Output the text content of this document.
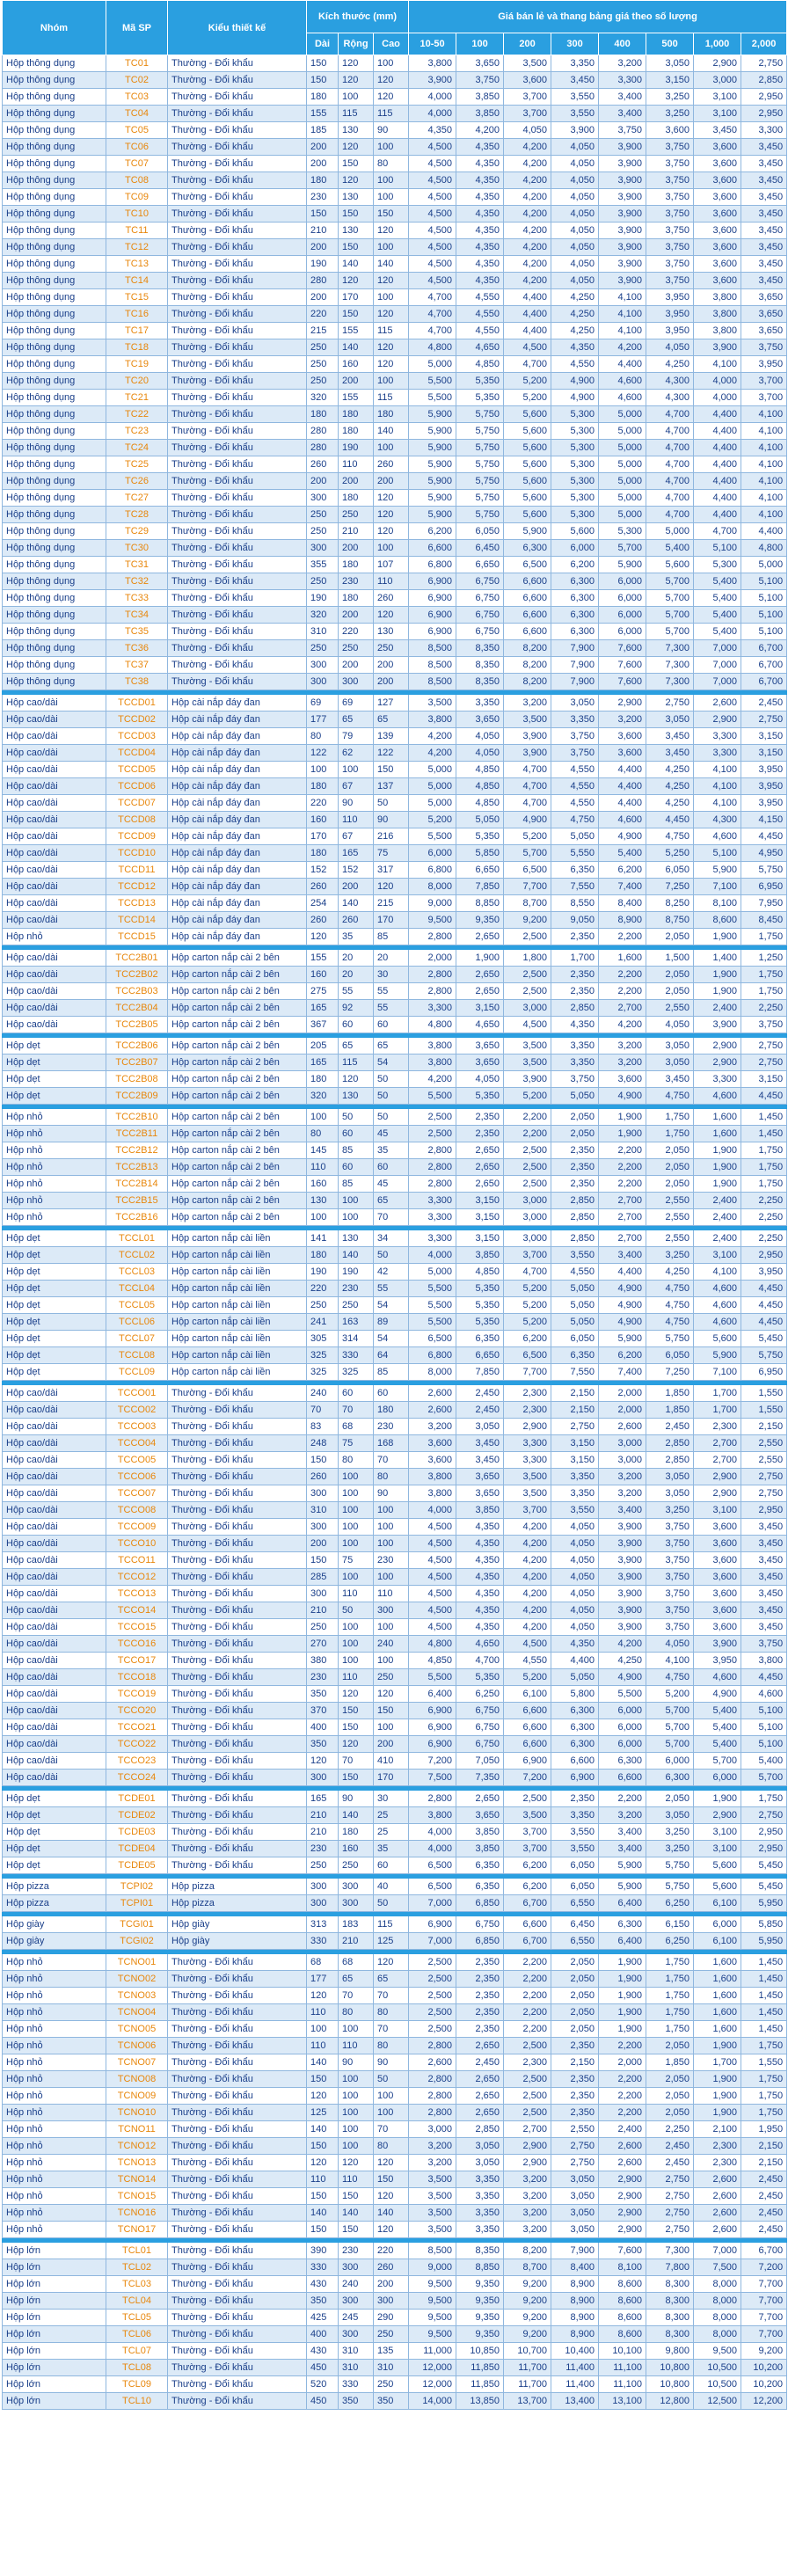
Nhóm	Mã SP	Kiểu thiết kế	Kích thước (mm)			Giá bán lẻ và thang bảng giá theo số lượng							
			Dài	Rộng	Cao	10-50	100	200	300	400	500	1,000	2,000
Hộp thông dụng	TC01	Thường - Đổi khẩu	150	120	100	3,800	3,650	3,500	3,350	3,200	3,050	2,900	2,750
Hộp thông dụng	TC02	Thường - Đổi khẩu	150	120	120	3,900	3,750	3,600	3,450	3,300	3,150	3,000	2,850
Hộp thông dụng	TC03	Thường - Đổi khẩu	180	100	120	4,000	3,850	3,700	3,550	3,400	3,250	3,100	2,950
Hộp thông dụng	TC04	Thường - Đổi khẩu	155	115	115	4,000	3,850	3,700	3,550	3,400	3,250	3,100	2,950
Hộp thông dụng	TC05	Thường - Đổi khẩu	185	130	90	4,350	4,200	4,050	3,900	3,750	3,600	3,450	3,300
Hộp thông dụng	TC06	Thường - Đổi khẩu	200	120	100	4,500	4,350	4,200	4,050	3,900	3,750	3,600	3,450
Hộp thông dụng	TC07	Thường - Đổi khẩu	200	150	80	4,500	4,350	4,200	4,050	3,900	3,750	3,600	3,450
Hộp thông dụng	TC08	Thường - Đổi khẩu	180	120	100	4,500	4,350	4,200	4,050	3,900	3,750	3,600	3,450
Hộp thông dụng	TC09	Thường - Đổi khẩu	230	130	100	4,500	4,350	4,200	4,050	3,900	3,750	3,600	3,450
Hộp thông dụng	TC10	Thường - Đổi khẩu	150	150	150	4,500	4,350	4,200	4,050	3,900	3,750	3,600	3,450
Hộp thông dụng	TC11	Thường - Đổi khẩu	210	130	120	4,500	4,350	4,200	4,050	3,900	3,750	3,600	3,450
Hộp thông dụng	TC12	Thường - Đổi khẩu	200	150	100	4,500	4,350	4,200	4,050	3,900	3,750	3,600	3,450
Hộp thông dụng	TC13	Thường - Đổi khẩu	190	140	140	4,500	4,350	4,200	4,050	3,900	3,750	3,600	3,450
Hộp thông dụng	TC14	Thường - Đổi khẩu	280	120	120	4,500	4,350	4,200	4,050	3,900	3,750	3,600	3,450
Hộp thông dụng	TC15	Thường - Đổi khẩu	200	170	100	4,700	4,550	4,400	4,250	4,100	3,950	3,800	3,650
Hộp thông dụng	TC16	Thường - Đổi khẩu	220	150	120	4,700	4,550	4,400	4,250	4,100	3,950	3,800	3,650
Hộp thông dụng	TC17	Thường - Đổi khẩu	215	155	115	4,700	4,550	4,400	4,250	4,100	3,950	3,800	3,650
Hộp thông dụng	TC18	Thường - Đổi khẩu	250	140	120	4,800	4,650	4,500	4,350	4,200	4,050	3,900	3,750
Hộp thông dụng	TC19	Thường - Đổi khẩu	250	160	120	5,000	4,850	4,700	4,550	4,400	4,250	4,100	3,950
Hộp thông dụng	TC20	Thường - Đổi khẩu	250	200	100	5,500	5,350	5,200	4,900	4,600	4,300	4,000	3,700
Hộp thông dụng	TC21	Thường - Đổi khẩu	320	155	115	5,500	5,350	5,200	4,900	4,600	4,300	4,000	3,700
Hộp thông dụng	TC22	Thường - Đổi khẩu	180	180	180	5,900	5,750	5,600	5,300	5,000	4,700	4,400	4,100
Hộp thông dụng	TC23	Thường - Đổi khẩu	280	180	140	5,900	5,750	5,600	5,300	5,000	4,700	4,400	4,100
Hộp thông dụng	TC24	Thường - Đổi khẩu	280	190	100	5,900	5,750	5,600	5,300	5,000	4,700	4,400	4,100
Hộp thông dụng	TC25	Thường - Đổi khẩu	260	110	260	5,900	5,750	5,600	5,300	5,000	4,700	4,400	4,100
Hộp thông dụng	TC26	Thường - Đổi khẩu	200	200	200	5,900	5,750	5,600	5,300	5,000	4,700	4,400	4,100
Hộp thông dụng	TC27	Thường - Đổi khẩu	300	180	120	5,900	5,750	5,600	5,300	5,000	4,700	4,400	4,100
Hộp thông dụng	TC28	Thường - Đổi khẩu	250	250	120	5,900	5,750	5,600	5,300	5,000	4,700	4,400	4,100
Hộp thông dụng	TC29	Thường - Đổi khẩu	250	210	120	6,200	6,050	5,900	5,600	5,300	5,000	4,700	4,400
Hộp thông dụng	TC30	Thường - Đổi khẩu	300	200	100	6,600	6,450	6,300	6,000	5,700	5,400	5,100	4,800
Hộp thông dụng	TC31	Thường - Đổi khẩu	355	180	107	6,800	6,650	6,500	6,200	5,900	5,600	5,300	5,000
Hộp thông dụng	TC32	Thường - Đổi khẩu	250	230	110	6,900	6,750	6,600	6,300	6,000	5,700	5,400	5,100
Hộp thông dụng	TC33	Thường - Đổi khẩu	190	180	260	6,900	6,750	6,600	6,300	6,000	5,700	5,400	5,100
Hộp thông dụng	TC34	Thường - Đổi khẩu	320	200	120	6,900	6,750	6,600	6,300	6,000	5,700	5,400	5,100
Hộp thông dụng	TC35	Thường - Đổi khẩu	310	220	130	6,900	6,750	6,600	6,300	6,000	5,700	5,400	5,100
Hộp thông dụng	TC36	Thường - Đổi khẩu	250	250	250	8,500	8,350	8,200	7,900	7,600	7,300	7,000	6,700
Hộp thông dụng	TC37	Thường - Đổi khẩu	300	200	200	8,500	8,350	8,200	7,900	7,600	7,300	7,000	6,700
Hộp thông dụng	TC38	Thường - Đổi khẩu	300	300	200	8,500	8,350	8,200	7,900	7,600	7,300	7,000	6,700

Hộp cao/dài	TCCD01	Hộp cài nắp đáy đan	69	69	127	3,500	3,350	3,200	3,050	2,900	2,750	2,600	2,450
Hộp cao/dài	TCCD02	Hộp cài nắp đáy đan	177	65	65	3,800	3,650	3,500	3,350	3,200	3,050	2,900	2,750
Hộp cao/dài	TCCD03	Hộp cài nắp đáy đan	80	79	139	4,200	4,050	3,900	3,750	3,600	3,450	3,300	3,150
Hộp cao/dài	TCCD04	Hộp cài nắp đáy đan	122	62	122	4,200	4,050	3,900	3,750	3,600	3,450	3,300	3,150
Hộp cao/dài	TCCD05	Hộp cài nắp đáy đan	100	100	150	5,000	4,850	4,700	4,550	4,400	4,250	4,100	3,950
Hộp cao/dài	TCCD06	Hộp cài nắp đáy đan	180	67	137	5,000	4,850	4,700	4,550	4,400	4,250	4,100	3,950
Hộp cao/dài	TCCD07	Hộp cài nắp đáy đan	220	90	50	5,000	4,850	4,700	4,550	4,400	4,250	4,100	3,950
Hộp cao/dài	TCCD08	Hộp cài nắp đáy đan	160	110	90	5,200	5,050	4,900	4,750	4,600	4,450	4,300	4,150
Hộp cao/dài	TCCD09	Hộp cài nắp đáy đan	170	67	216	5,500	5,350	5,200	5,050	4,900	4,750	4,600	4,450
Hộp cao/dài	TCCD10	Hộp cài nắp đáy đan	180	165	75	6,000	5,850	5,700	5,550	5,400	5,250	5,100	4,950
Hộp cao/dài	TCCD11	Hộp cài nắp đáy đan	152	152	317	6,800	6,650	6,500	6,350	6,200	6,050	5,900	5,750
Hộp cao/dài	TCCD12	Hộp cài nắp đáy đan	260	200	120	8,000	7,850	7,700	7,550	7,400	7,250	7,100	6,950
Hộp cao/dài	TCCD13	Hộp cài nắp đáy đan	254	140	215	9,000	8,850	8,700	8,550	8,400	8,250	8,100	7,950
Hộp cao/dài	TCCD14	Hộp cài nắp đáy đan	260	260	170	9,500	9,350	9,200	9,050	8,900	8,750	8,600	8,450
Hộp nhỏ	TCCD15	Hộp cài nắp đáy đan	120	35	85	2,800	2,650	2,500	2,350	2,200	2,050	1,900	1,750

Hộp cao/dài	TCC2B01	Hộp carton nắp cài 2 bên	155	20	20	2,000	1,900	1,800	1,700	1,600	1,500	1,400	1,250
Hộp cao/dài	TCC2B02	Hộp carton nắp cài 2 bên	160	20	30	2,800	2,650	2,500	2,350	2,200	2,050	1,900	1,750
Hộp cao/dài	TCC2B03	Hộp carton nắp cài 2 bên	275	55	55	2,800	2,650	2,500	2,350	2,200	2,050	1,900	1,750
Hộp cao/dài	TCC2B04	Hộp carton nắp cài 2 bên	165	92	55	3,300	3,150	3,000	2,850	2,700	2,550	2,400	2,250
Hộp cao/dài	TCC2B05	Hộp carton nắp cài 2 bên	367	60	60	4,800	4,650	4,500	4,350	4,200	4,050	3,900	3,750

Hộp dẹt	TCC2B06	Hộp carton nắp cài 2 bên	205	65	65	3,800	3,650	3,500	3,350	3,200	3,050	2,900	2,750
Hộp dẹt	TCC2B07	Hộp carton nắp cài 2 bên	165	115	54	3,800	3,650	3,500	3,350	3,200	3,050	2,900	2,750
Hộp dẹt	TCC2B08	Hộp carton nắp cài 2 bên	180	120	50	4,200	4,050	3,900	3,750	3,600	3,450	3,300	3,150
Hộp dẹt	TCC2B09	Hộp carton nắp cài 2 bên	320	130	50	5,500	5,350	5,200	5,050	4,900	4,750	4,600	4,450

Hộp nhỏ	TCC2B10	Hộp carton nắp cài 2 bên	100	50	50	2,500	2,350	2,200	2,050	1,900	1,750	1,600	1,450
Hộp nhỏ	TCC2B11	Hộp carton nắp cài 2 bên	80	60	45	2,500	2,350	2,200	2,050	1,900	1,750	1,600	1,450
Hộp nhỏ	TCC2B12	Hộp carton nắp cài 2 bên	145	85	35	2,800	2,650	2,500	2,350	2,200	2,050	1,900	1,750
Hộp nhỏ	TCC2B13	Hộp carton nắp cài 2 bên	110	60	60	2,800	2,650	2,500	2,350	2,200	2,050	1,900	1,750
Hộp nhỏ	TCC2B14	Hộp carton nắp cài 2 bên	160	85	45	2,800	2,650	2,500	2,350	2,200	2,050	1,900	1,750
Hộp nhỏ	TCC2B15	Hộp carton nắp cài 2 bên	130	100	65	3,300	3,150	3,000	2,850	2,700	2,550	2,400	2,250
Hộp nhỏ	TCC2B16	Hộp carton nắp cài 2 bên	100	100	70	3,300	3,150	3,000	2,850	2,700	2,550	2,400	2,250

Hộp dẹt	TCCL01	Hộp carton nắp cài liền	141	130	34	3,300	3,150	3,000	2,850	2,700	2,550	2,400	2,250
Hộp dẹt	TCCL02	Hộp carton nắp cài liền	180	140	50	4,000	3,850	3,700	3,550	3,400	3,250	3,100	2,950
Hộp dẹt	TCCL03	Hộp carton nắp cài liền	190	190	42	5,000	4,850	4,700	4,550	4,400	4,250	4,100	3,950
Hộp dẹt	TCCL04	Hộp carton nắp cài liền	220	230	55	5,500	5,350	5,200	5,050	4,900	4,750	4,600	4,450
Hộp dẹt	TCCL05	Hộp carton nắp cài liền	250	250	54	5,500	5,350	5,200	5,050	4,900	4,750	4,600	4,450
Hộp dẹt	TCCL06	Hộp carton nắp cài liền	241	163	89	5,500	5,350	5,200	5,050	4,900	4,750	4,600	4,450
Hộp dẹt	TCCL07	Hộp carton nắp cài liền	305	314	54	6,500	6,350	6,200	6,050	5,900	5,750	5,600	5,450
Hộp dẹt	TCCL08	Hộp carton nắp cài liền	325	330	64	6,800	6,650	6,500	6,350	6,200	6,050	5,900	5,750
Hộp dẹt	TCCL09	Hộp carton nắp cài liền	325	325	85	8,000	7,850	7,700	7,550	7,400	7,250	7,100	6,950

Hộp cao/dài	TCCO01	Thường - Đổi khẩu	240	60	60	2,600	2,450	2,300	2,150	2,000	1,850	1,700	1,550
Hộp cao/dài	TCCO02	Thường - Đổi khẩu	70	70	180	2,600	2,450	2,300	2,150	2,000	1,850	1,700	1,550
Hộp cao/dài	TCCO03	Thường - Đổi khẩu	83	68	230	3,200	3,050	2,900	2,750	2,600	2,450	2,300	2,150
Hộp cao/dài	TCCO04	Thường - Đổi khẩu	248	75	168	3,600	3,450	3,300	3,150	3,000	2,850	2,700	2,550
Hộp cao/dài	TCCO05	Thường - Đổi khẩu	150	80	70	3,600	3,450	3,300	3,150	3,000	2,850	2,700	2,550
Hộp cao/dài	TCCO06	Thường - Đổi khẩu	260	100	80	3,800	3,650	3,500	3,350	3,200	3,050	2,900	2,750
Hộp cao/dài	TCCO07	Thường - Đổi khẩu	300	100	90	3,800	3,650	3,500	3,350	3,200	3,050	2,900	2,750
Hộp cao/dài	TCCO08	Thường - Đổi khẩu	310	100	100	4,000	3,850	3,700	3,550	3,400	3,250	3,100	2,950
Hộp cao/dài	TCCO09	Thường - Đổi khẩu	300	100	100	4,500	4,350	4,200	4,050	3,900	3,750	3,600	3,450
Hộp cao/dài	TCCO10	Thường - Đổi khẩu	200	100	100	4,500	4,350	4,200	4,050	3,900	3,750	3,600	3,450
Hộp cao/dài	TCCO11	Thường - Đổi khẩu	150	75	230	4,500	4,350	4,200	4,050	3,900	3,750	3,600	3,450
Hộp cao/dài	TCCO12	Thường - Đổi khẩu	285	100	100	4,500	4,350	4,200	4,050	3,900	3,750	3,600	3,450
Hộp cao/dài	TCCO13	Thường - Đổi khẩu	300	110	110	4,500	4,350	4,200	4,050	3,900	3,750	3,600	3,450
Hộp cao/dài	TCCO14	Thường - Đổi khẩu	210	50	300	4,500	4,350	4,200	4,050	3,900	3,750	3,600	3,450
Hộp cao/dài	TCCO15	Thường - Đổi khẩu	250	100	100	4,500	4,350	4,200	4,050	3,900	3,750	3,600	3,450
Hộp cao/dài	TCCO16	Thường - Đổi khẩu	270	100	240	4,800	4,650	4,500	4,350	4,200	4,050	3,900	3,750
Hộp cao/dài	TCCO17	Thường - Đổi khẩu	380	100	100	4,850	4,700	4,550	4,400	4,250	4,100	3,950	3,800
Hộp cao/dài	TCCO18	Thường - Đổi khẩu	230	110	250	5,500	5,350	5,200	5,050	4,900	4,750	4,600	4,450
Hộp cao/dài	TCCO19	Thường - Đổi khẩu	350	120	120	6,400	6,250	6,100	5,800	5,500	5,200	4,900	4,600
Hộp cao/dài	TCCO20	Thường - Đổi khẩu	370	150	150	6,900	6,750	6,600	6,300	6,000	5,700	5,400	5,100
Hộp cao/dài	TCCO21	Thường - Đổi khẩu	400	150	100	6,900	6,750	6,600	6,300	6,000	5,700	5,400	5,100
Hộp cao/dài	TCCO22	Thường - Đổi khẩu	350	120	200	6,900	6,750	6,600	6,300	6,000	5,700	5,400	5,100
Hộp cao/dài	TCCO23	Thường - Đổi khẩu	120	70	410	7,200	7,050	6,900	6,600	6,300	6,000	5,700	5,400
Hộp cao/dài	TCCO24	Thường - Đổi khẩu	300	150	170	7,500	7,350	7,200	6,900	6,600	6,300	6,000	5,700

Hộp dẹt	TCDE01	Thường - Đổi khẩu	165	90	30	2,800	2,650	2,500	2,350	2,200	2,050	1,900	1,750
Hộp dẹt	TCDE02	Thường - Đổi khẩu	210	140	25	3,800	3,650	3,500	3,350	3,200	3,050	2,900	2,750
Hộp dẹt	TCDE03	Thường - Đổi khẩu	210	180	25	4,000	3,850	3,700	3,550	3,400	3,250	3,100	2,950
Hộp dẹt	TCDE04	Thường - Đổi khẩu	230	160	35	4,000	3,850	3,700	3,550	3,400	3,250	3,100	2,950
Hộp dẹt	TCDE05	Thường - Đổi khẩu	250	250	60	6,500	6,350	6,200	6,050	5,900	5,750	5,600	5,450

Hộp pizza	TCPI02	Hộp pizza	300	300	40	6,500	6,350	6,200	6,050	5,900	5,750	5,600	5,450
Hộp pizza	TCPI01	Hộp pizza	300	300	50	7,000	6,850	6,700	6,550	6,400	6,250	6,100	5,950

Hộp giày	TCGI01	Hộp giày	313	183	115	6,900	6,750	6,600	6,450	6,300	6,150	6,000	5,850
Hộp giày	TCGI02	Hộp giày	330	210	125	7,000	6,850	6,700	6,550	6,400	6,250	6,100	5,950

Hộp nhỏ	TCNO01	Thường - Đổi khẩu	68	68	120	2,500	2,350	2,200	2,050	1,900	1,750	1,600	1,450
Hộp nhỏ	TCNO02	Thường - Đổi khẩu	177	65	65	2,500	2,350	2,200	2,050	1,900	1,750	1,600	1,450
Hộp nhỏ	TCNO03	Thường - Đổi khẩu	120	70	70	2,500	2,350	2,200	2,050	1,900	1,750	1,600	1,450
Hộp nhỏ	TCNO04	Thường - Đổi khẩu	110	80	80	2,500	2,350	2,200	2,050	1,900	1,750	1,600	1,450
Hộp nhỏ	TCNO05	Thường - Đổi khẩu	100	100	70	2,500	2,350	2,200	2,050	1,900	1,750	1,600	1,450
Hộp nhỏ	TCNO06	Thường - Đổi khẩu	110	110	80	2,800	2,650	2,500	2,350	2,200	2,050	1,900	1,750
Hộp nhỏ	TCNO07	Thường - Đổi khẩu	140	90	90	2,600	2,450	2,300	2,150	2,000	1,850	1,700	1,550
Hộp nhỏ	TCNO08	Thường - Đổi khẩu	150	100	50	2,800	2,650	2,500	2,350	2,200	2,050	1,900	1,750
Hộp nhỏ	TCNO09	Thường - Đổi khẩu	120	100	100	2,800	2,650	2,500	2,350	2,200	2,050	1,900	1,750
Hộp nhỏ	TCNO10	Thường - Đổi khẩu	125	100	100	2,800	2,650	2,500	2,350	2,200	2,050	1,900	1,750
Hộp nhỏ	TCNO11	Thường - Đổi khẩu	140	100	70	3,000	2,850	2,700	2,550	2,400	2,250	2,100	1,950
Hộp nhỏ	TCNO12	Thường - Đổi khẩu	150	100	80	3,200	3,050	2,900	2,750	2,600	2,450	2,300	2,150
Hộp nhỏ	TCNO13	Thường - Đổi khẩu	120	120	120	3,200	3,050	2,900	2,750	2,600	2,450	2,300	2,150
Hộp nhỏ	TCNO14	Thường - Đổi khẩu	110	110	150	3,500	3,350	3,200	3,050	2,900	2,750	2,600	2,450
Hộp nhỏ	TCNO15	Thường - Đổi khẩu	150	150	120	3,500	3,350	3,200	3,050	2,900	2,750	2,600	2,450
Hộp nhỏ	TCNO16	Thường - Đổi khẩu	140	140	140	3,500	3,350	3,200	3,050	2,900	2,750	2,600	2,450
Hộp nhỏ	TCNO17	Thường - Đổi khẩu	150	150	120	3,500	3,350	3,200	3,050	2,900	2,750	2,600	2,450

Hộp lớn	TCL01	Thường - Đổi khẩu	390	230	220	8,500	8,350	8,200	7,900	7,600	7,300	7,000	6,700
Hộp lớn	TCL02	Thường - Đổi khẩu	330	300	260	9,000	8,850	8,700	8,400	8,100	7,800	7,500	7,200
Hộp lớn	TCL03	Thường - Đổi khẩu	430	240	200	9,500	9,350	9,200	8,900	8,600	8,300	8,000	7,700
Hộp lớn	TCL04	Thường - Đổi khẩu	350	300	300	9,500	9,350	9,200	8,900	8,600	8,300	8,000	7,700
Hộp lớn	TCL05	Thường - Đổi khẩu	425	245	290	9,500	9,350	9,200	8,900	8,600	8,300	8,000	7,700
Hộp lớn	TCL06	Thường - Đổi khẩu	400	300	250	9,500	9,350	9,200	8,900	8,600	8,300	8,000	7,700
Hộp lớn	TCL07	Thường - Đổi khẩu	430	310	135	11,000	10,850	10,700	10,400	10,100	9,800	9,500	9,200
Hộp lớn	TCL08	Thường - Đổi khẩu	450	310	310	12,000	11,850	11,700	11,400	11,100	10,800	10,500	10,200
Hộp lớn	TCL09	Thường - Đổi khẩu	520	330	250	12,000	11,850	11,700	11,400	11,100	10,800	10,500	10,200
Hộp lớn	TCL10	Thường - Đổi khẩu	450	350	350	14,000	13,850	13,700	13,400	13,100	12,800	12,500	12,200
